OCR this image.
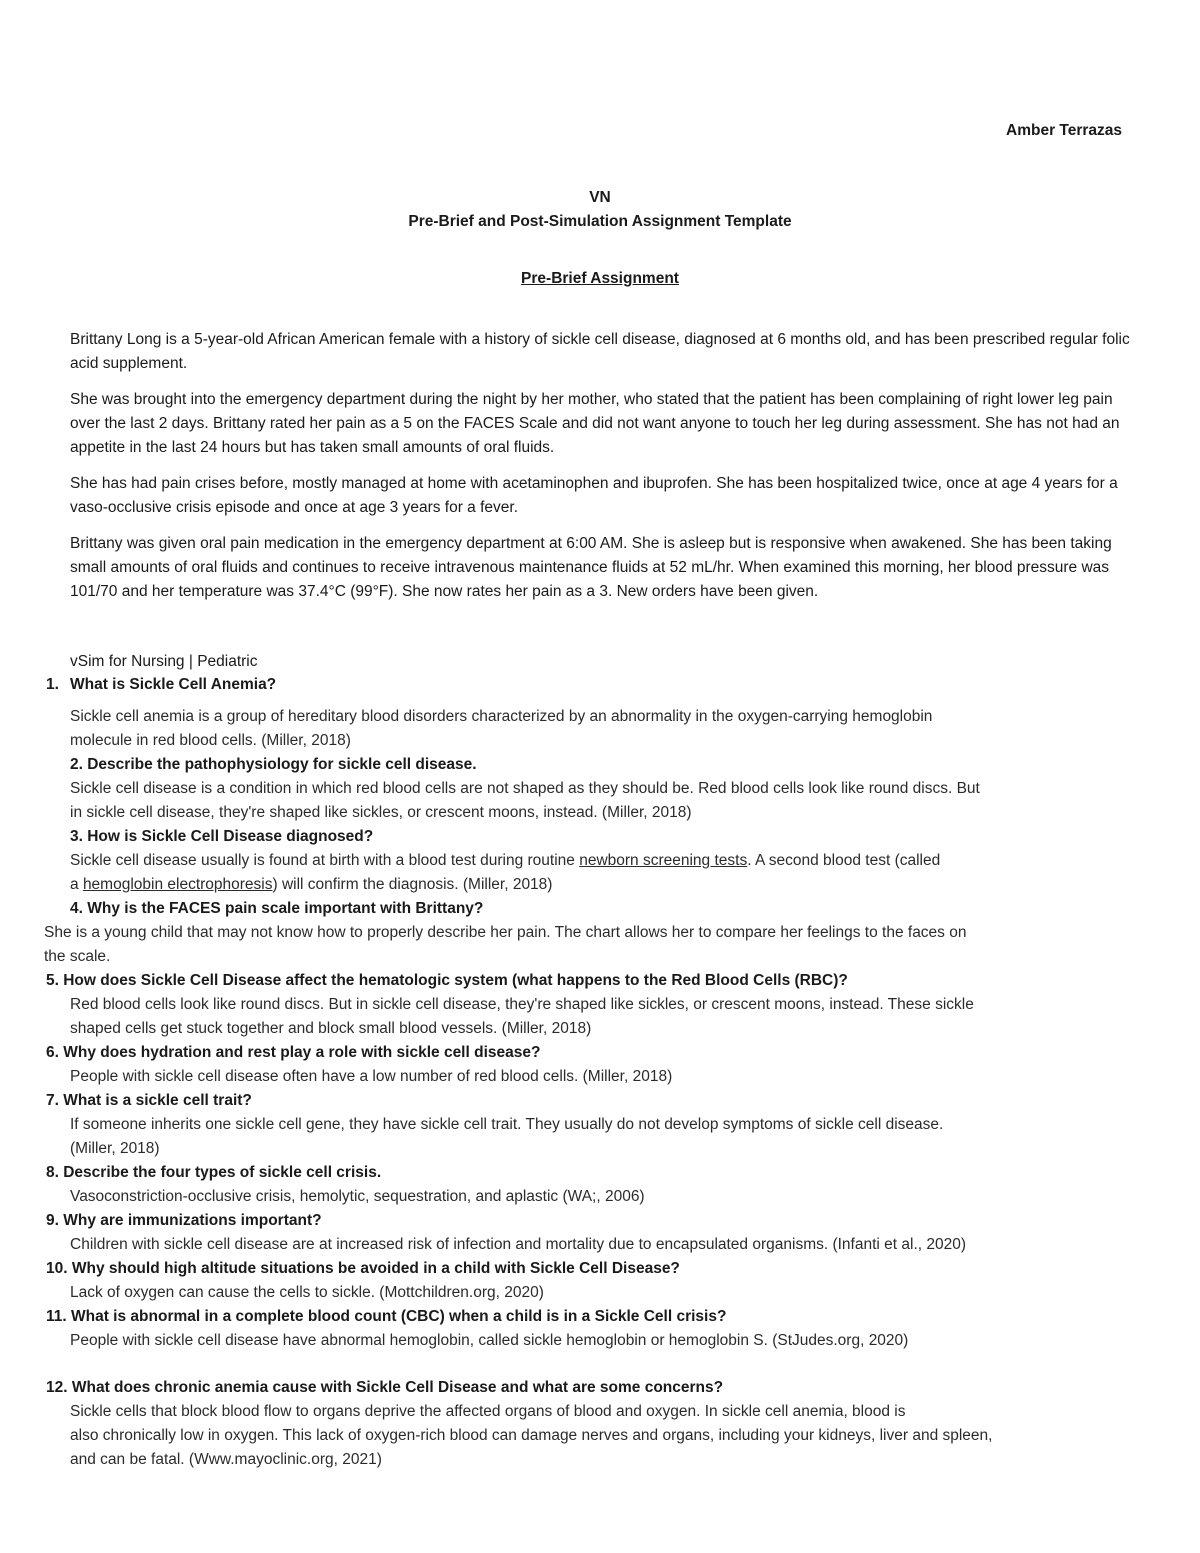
Amber Terrazas
VN
Pre-Brief and Post-Simulation Assignment Template
Pre-Brief Assignment

Brittany Long is a 5-year-old African American female with a history of sickle cell disease, diagnosed at 6 months old, and has been prescribed regular folic acid supplement.

She was brought into the emergency department during the night by her mother, who stated that the patient has been complaining of right lower leg pain over the last 2 days. Brittany rated her pain as a 5 on the FACES Scale and did not want anyone to touch her leg during assessment. She has not had an appetite in the last 24 hours but has taken small amounts of oral fluids.

She has had pain crises before, mostly managed at home with acetaminophen and ibuprofen. She has been hospitalized twice, once at age 4 years for a vaso-occlusive crisis episode and once at age 3 years for a fever.

Brittany was given oral pain medication in the emergency department at 6:00 AM. She is asleep but is responsive when awakened. She has been taking small amounts of oral fluids and continues to receive intravenous maintenance fluids at 52 mL/hr. When examined this morning, her blood pressure was 101/70 and her temperature was 37.4°C (99°F). She now rates her pain as a 3. New orders have been given.

vSim for Nursing | Pediatric
1. What is Sickle Cell Anemia?
Sickle cell anemia is a group of hereditary blood disorders characterized by an abnormality in the oxygen-carrying hemoglobin
molecule in red blood cells. (Miller, 2018)
2. Describe the pathophysiology for sickle cell disease.
Sickle cell disease is a condition in which red blood cells are not shaped as they should be. Red blood cells look like round discs. But
in sickle cell disease, they're shaped like sickles, or crescent moons, instead. (Miller, 2018)
3. How is Sickle Cell Disease diagnosed?
Sickle cell disease usually is found at birth with a blood test during routine newborn screening tests. A second blood test (called
a hemoglobin electrophoresis) will confirm the diagnosis. (Miller, 2018)
4. Why is the FACES pain scale important with Brittany?
She is a young child that may not know how to properly describe her pain. The chart allows her to compare her feelings to the faces on
the scale.
5. How does Sickle Cell Disease affect the hematologic system (what happens to the Red Blood Cells (RBC)?
Red blood cells look like round discs. But in sickle cell disease, they're shaped like sickles, or crescent moons, instead. These sickle
shaped cells get stuck together and block small blood vessels. (Miller, 2018)
6. Why does hydration and rest play a role with sickle cell disease?
People with sickle cell disease often have a low number of red blood cells. (Miller, 2018)
7. What is a sickle cell trait?
If someone inherits one sickle cell gene, they have sickle cell trait. They usually do not develop symptoms of sickle cell disease.
(Miller, 2018)
8. Describe the four types of sickle cell crisis.
Vasoconstriction-occlusive crisis, hemolytic, sequestration, and aplastic (WA;, 2006)
9. Why are immunizations important?
Children with sickle cell disease are at increased risk of infection and mortality due to encapsulated organisms. (Infanti et al., 2020)
10. Why should high altitude situations be avoided in a child with Sickle Cell Disease?
Lack of oxygen can cause the cells to sickle. (Mottchildren.org, 2020)
11. What is abnormal in a complete blood count (CBC) when a child is in a Sickle Cell crisis?
People with sickle cell disease have abnormal hemoglobin, called sickle hemoglobin or hemoglobin S. (StJudes.org, 2020)
12. What does chronic anemia cause with Sickle Cell Disease and what are some concerns?
Sickle cells that block blood flow to organs deprive the affected organs of blood and oxygen. In sickle cell anemia, blood is
also chronically low in oxygen. This lack of oxygen-rich blood can damage nerves and organs, including your kidneys, liver and spleen,
and can be fatal. (Www.mayoclinic.org, 2021)
